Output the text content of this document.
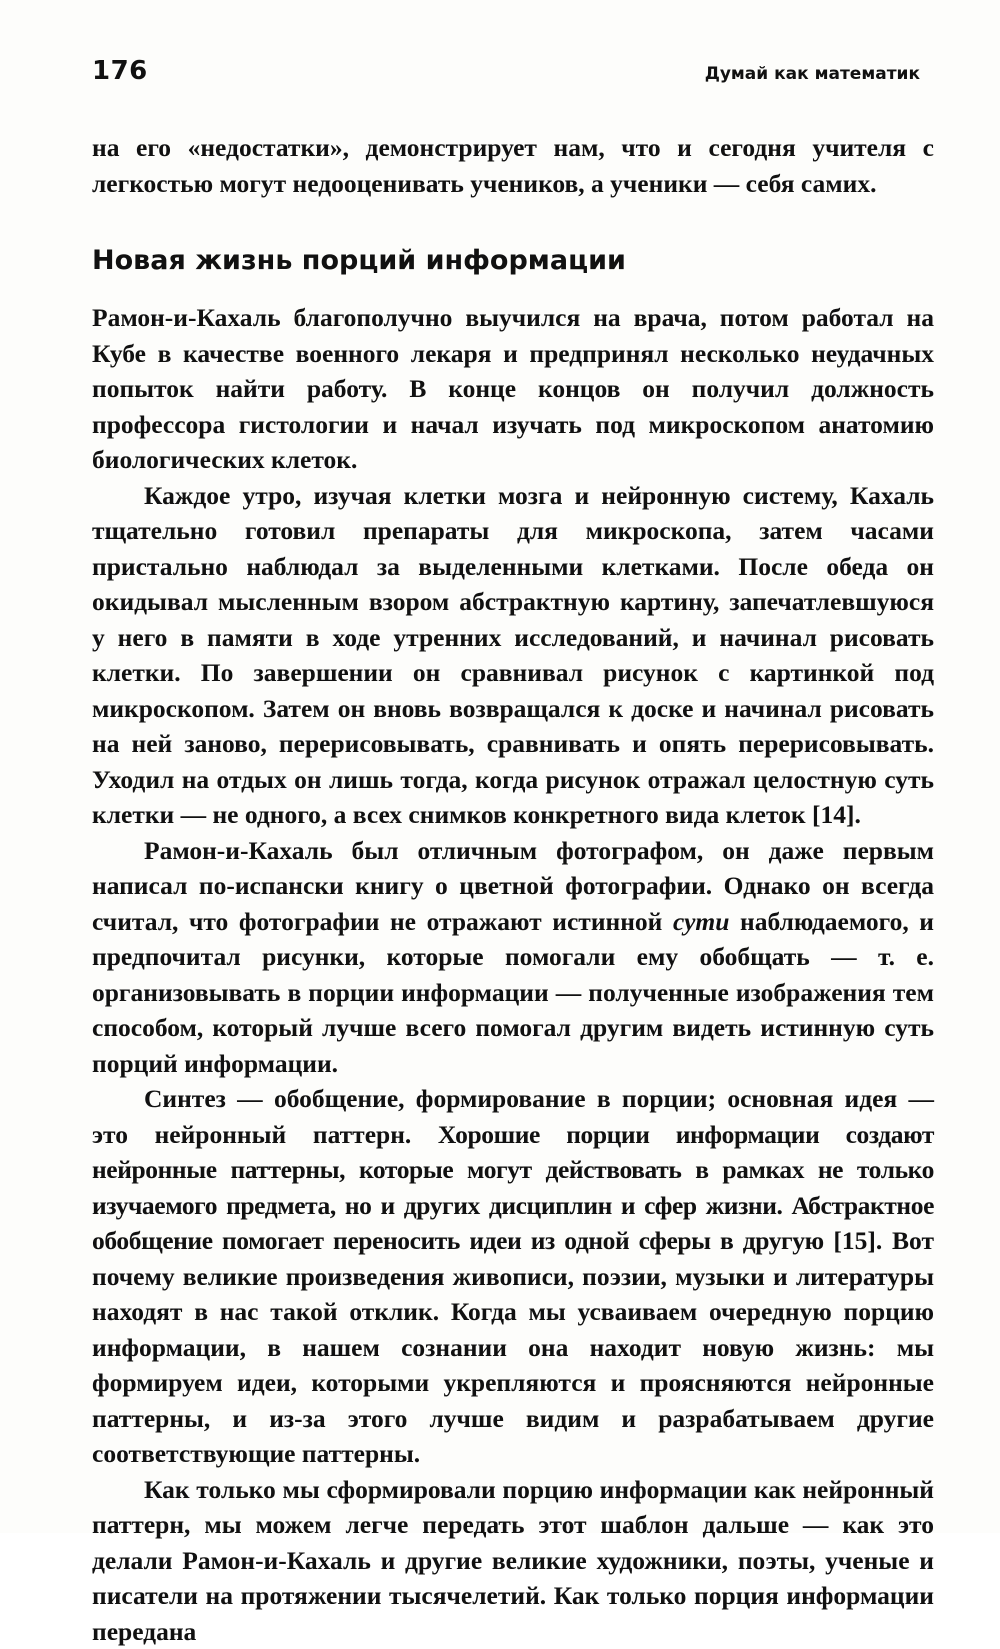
176	Думай как математик

на его «недостатки», демонстрирует нам, что и сегодня учителя с легкостью могут недооценивать учеников, а ученики — себя самих.

Новая жизнь порций информации

Рамон-и-Кахаль благополучно выучился на врача, потом работал на Кубе в качестве военного лекаря и предпринял несколько неудачных попыток найти работу. В конце концов он получил должность профессора гистологии и начал изучать под микроскопом анатомию биологических клеток.

Каждое утро, изучая клетки мозга и нейронную систему, Кахаль тщательно готовил препараты для микроскопа, затем часами пристально наблюдал за выделенными клетками. После обеда он окидывал мысленным взором абстрактную картину, запечатлевшуюся у него в памяти в ходе утренних исследований, и начинал рисовать клетки. По завершении он сравнивал рисунок с картинкой под микроскопом. Затем он вновь возвращался к доске и начинал рисовать на ней заново, перерисовывать, сравнивать и опять перерисовывать. Уходил на отдых он лишь тогда, когда рисунок отражал целостную суть клетки — не одного, а всех снимков конкретного вида клеток [14].

Рамон-и-Кахаль был отличным фотографом, он даже первым написал по-испански книгу о цветной фотографии. Однако он всегда считал, что фотографии не отражают истинной сути наблюдаемого, и предпочитал рисунки, которые помогали ему обобщать — т. е. организовывать в порции информации — полученные изображения тем способом, который лучше всего помогал другим видеть истинную суть порций информации.

Синтез — обобщение, формирование в порции; основная идея — это нейронный паттерн. Хорошие порции информации создают нейронные паттерны, которые могут действовать в рамках не только изучаемого предмета, но и других дисциплин и сфер жизни. Абстрактное обобщение помогает переносить идеи из одной сферы в другую [15]. Вот почему великие произведения живописи, поэзии, музыки и литературы находят в нас такой отклик. Когда мы усваиваем очередную порцию информации, в нашем сознании она находит новую жизнь: мы формируем идеи, которыми укрепляются и проясняются нейронные паттерны, и из-за этого лучше видим и разрабатываем другие соответствующие паттерны.

Как только мы сформировали порцию информации как нейронный паттерн, мы можем легче передать этот шаблон дальше — как это делали Рамон-и-Кахаль и другие великие художники, поэты, ученые и писатели на протяжении тысячелетий. Как только порция информации передана
